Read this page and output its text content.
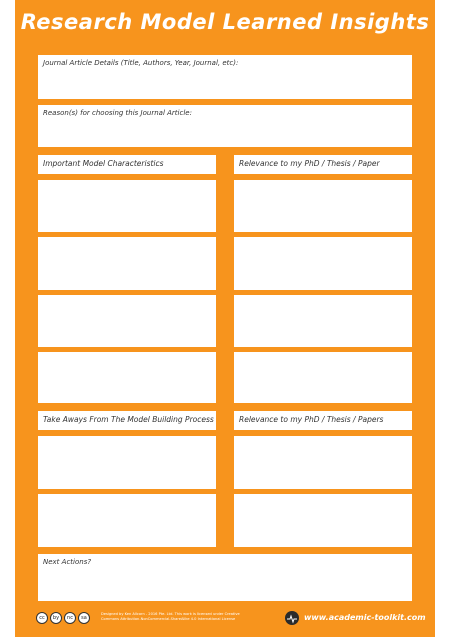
Research Model Learned Insights
Journal Article Details (Title, Authors, Year, Journal, etc):
Reason(s) for choosing this Journal Article:
Important Model Characteristics	Relevance to my PhD / Thesis / Paper
Take Aways From The Model Building Process	Relevance to my PhD / Thesis / Papers
Next Actions?
cc	by	nc	sa
Designed by Ken Allcorn - 2016 Pte. Ltd. This work is licensed under Creative
Commons Attribution-NonCommercial-ShareAlike 4.0 International License	www.academic-toolkit.com
